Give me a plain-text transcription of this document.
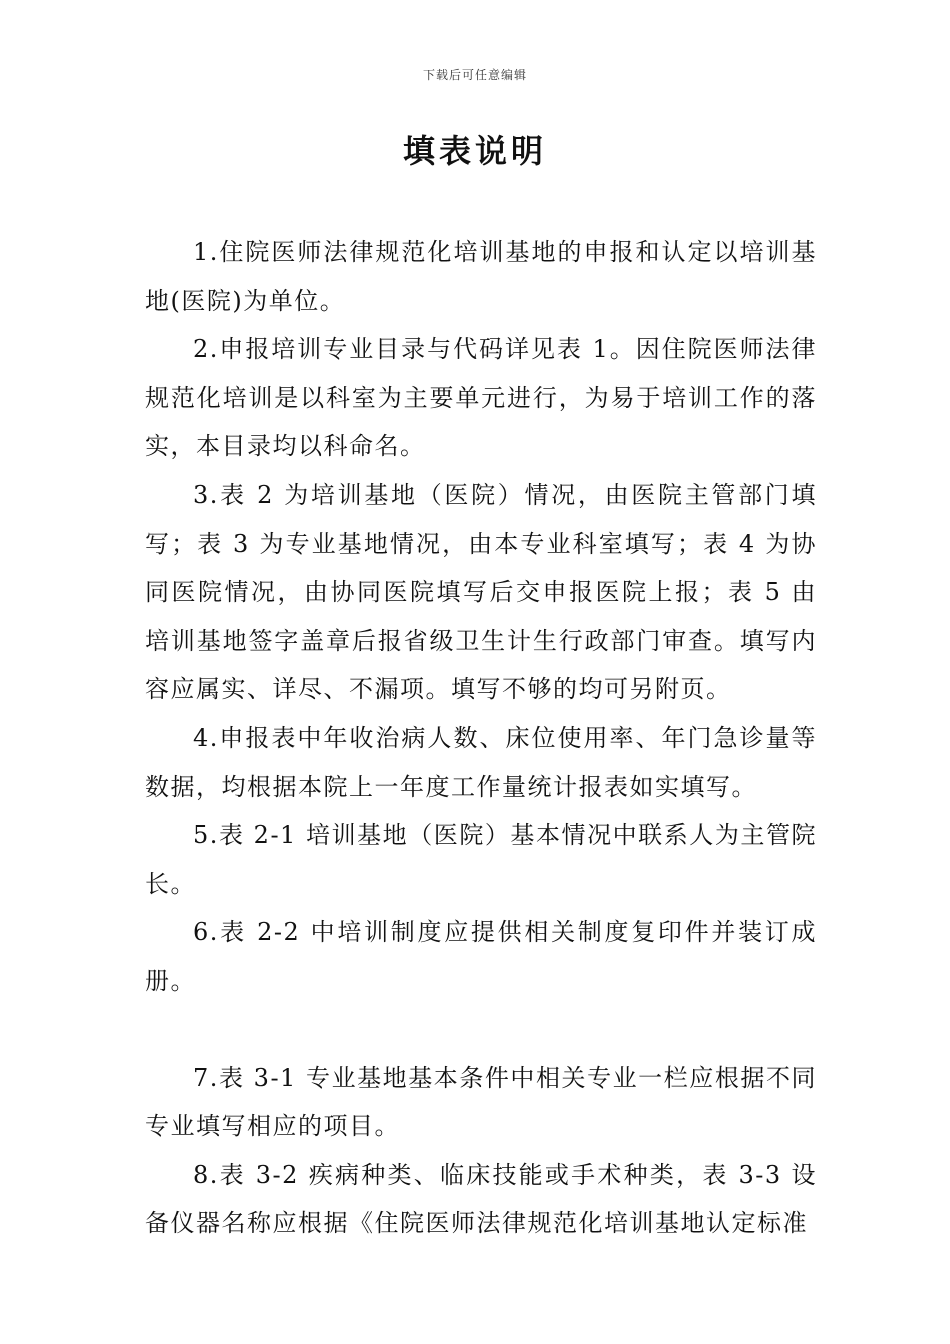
下载后可任意编辑
填表说明

1.住院医师法律规范化培训基地的申报和认定以培训基地(医院)为单位。

2.申报培训专业目录与代码详见表 1。因住院医师法律规范化培训是以科室为主要单元进行，为易于培训工作的落实，本目录均以科命名。

3.表 2 为培训基地（医院）情况，由医院主管部门填写；表 3 为专业基地情况，由本专业科室填写；表 4 为协同医院情况，由协同医院填写后交申报医院上报；表 5 由培训基地签字盖章后报省级卫生计生行政部门审查。填写内容应属实、详尽、不漏项。填写不够的均可另附页。

4.申报表中年收治病人数、床位使用率、年门急诊量等数据，均根据本院上一年度工作量统计报表如实填写。

5.表 2-1 培训基地（医院）基本情况中联系人为主管院长。

6.表 2-2 中培训制度应提供相关制度复印件并装订成册。

7.表 3-1 专业基地基本条件中相关专业一栏应根据不同专业填写相应的项目。

8.表 3-2 疾病种类、临床技能或手术种类，表 3-3 设备仪器名称应根据《住院医师法律规范化培训基地认定标准
